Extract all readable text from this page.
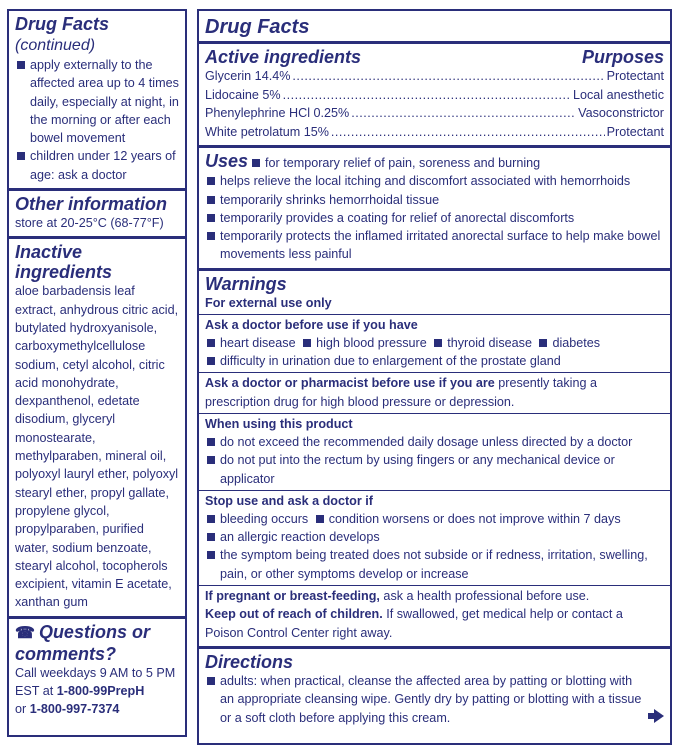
Drug Facts (continued)
apply externally to the affected area up to 4 times daily, especially at night, in the morning or after each bowel movement
children under 12 years of age: ask a doctor
Other information
store at 20-25°C (68-77°F)
Inactive ingredients
aloe barbadensis leaf extract, anhydrous citric acid, butylated hydroxyanisole, carboxymethylcellulose sodium, cetyl alcohol, citric acid monohydrate, dexpanthenol, edetate disodium, glyceryl monostearate, methylparaben, mineral oil, polyoxyl lauryl ether, polyoxyl stearyl ether, propyl gallate, propylene glycol, propylparaben, purified water, sodium benzoate, stearyl alcohol, tocopherols excipient, vitamin E acetate, xanthan gum
☎ Questions or comments?
Call weekdays 9 AM to 5 PM EST at 1-800-99PrepH
or 1-800-997-7374
Drug Facts
Active ingredients	Purposes
Glycerin 14.4% .....	Protectant
Lidocaine 5% .....	Local anesthetic
Phenylephrine HCl 0.25% .....	Vasoconstrictor
White petrolatum 15% .....	Protectant
Uses for temporary relief of pain, soreness and burning
helps relieve the local itching and discomfort associated with hemorrhoids
temporarily shrinks hemorrhoidal tissue
temporarily provides a coating for relief of anorectal discomforts
temporarily protects the inflamed irritated anorectal surface to help make bowel movements less painful
Warnings
For external use only
Ask a doctor before use if you have
heart disease high blood pressure thyroid disease diabetes
difficulty in urination due to enlargement of the prostate gland
Ask a doctor or pharmacist before use if you are presently taking a prescription drug for high blood pressure or depression.
When using this product
do not exceed the recommended daily dosage unless directed by a doctor
do not put into the rectum by using fingers or any mechanical device or applicator
Stop use and ask a doctor if
bleeding occurs condition worsens or does not improve within 7 days
an allergic reaction develops
the symptom being treated does not subside or if redness, irritation, swelling, pain, or other symptoms develop or increase
If pregnant or breast-feeding, ask a health professional before use.
Keep out of reach of children. If swallowed, get medical help or contact a Poison Control Center right away.
Directions
adults: when practical, cleanse the affected area by patting or blotting with an appropriate cleansing wipe. Gently dry by patting or blotting with a tissue or a soft cloth before applying this cream.
